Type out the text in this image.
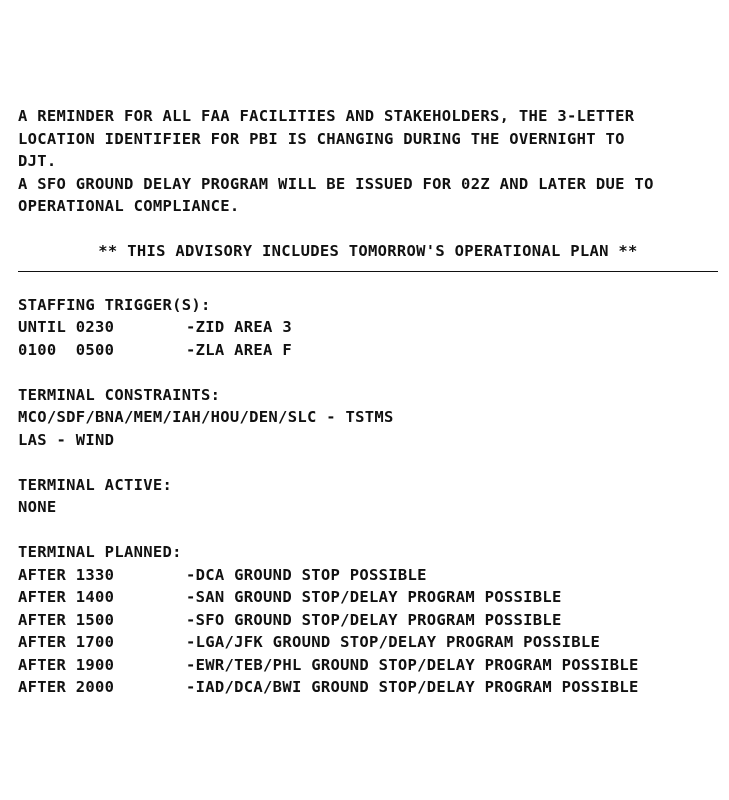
A REMINDER FOR ALL FAA FACILITIES AND STAKEHOLDERS, THE 3-LETTER
LOCATION IDENTIFIER FOR PBI IS CHANGING DURING THE OVERNIGHT TO
DJT.
A SFO GROUND DELAY PROGRAM WILL BE ISSUED FOR 02Z AND LATER DUE TO
OPERATIONAL COMPLIANCE.
** THIS ADVISORY INCLUDES TOMORROW'S OPERATIONAL PLAN **
STAFFING TRIGGER(S):
UNTIL 0230	-ZID AREA 3
0100  0500	-ZLA AREA F
TERMINAL CONSTRAINTS:
MCO/SDF/BNA/MEM/IAH/HOU/DEN/SLC - TSTMS
LAS - WIND
TERMINAL ACTIVE:
NONE
TERMINAL PLANNED:
AFTER 1330	-DCA GROUND STOP POSSIBLE
AFTER 1400	-SAN GROUND STOP/DELAY PROGRAM POSSIBLE
AFTER 1500	-SFO GROUND STOP/DELAY PROGRAM POSSIBLE
AFTER 1700	-LGA/JFK GROUND STOP/DELAY PROGRAM POSSIBLE
AFTER 1900	-EWR/TEB/PHL GROUND STOP/DELAY PROGRAM POSSIBLE
AFTER 2000	-IAD/DCA/BWI GROUND STOP/DELAY PROGRAM POSSIBLE
